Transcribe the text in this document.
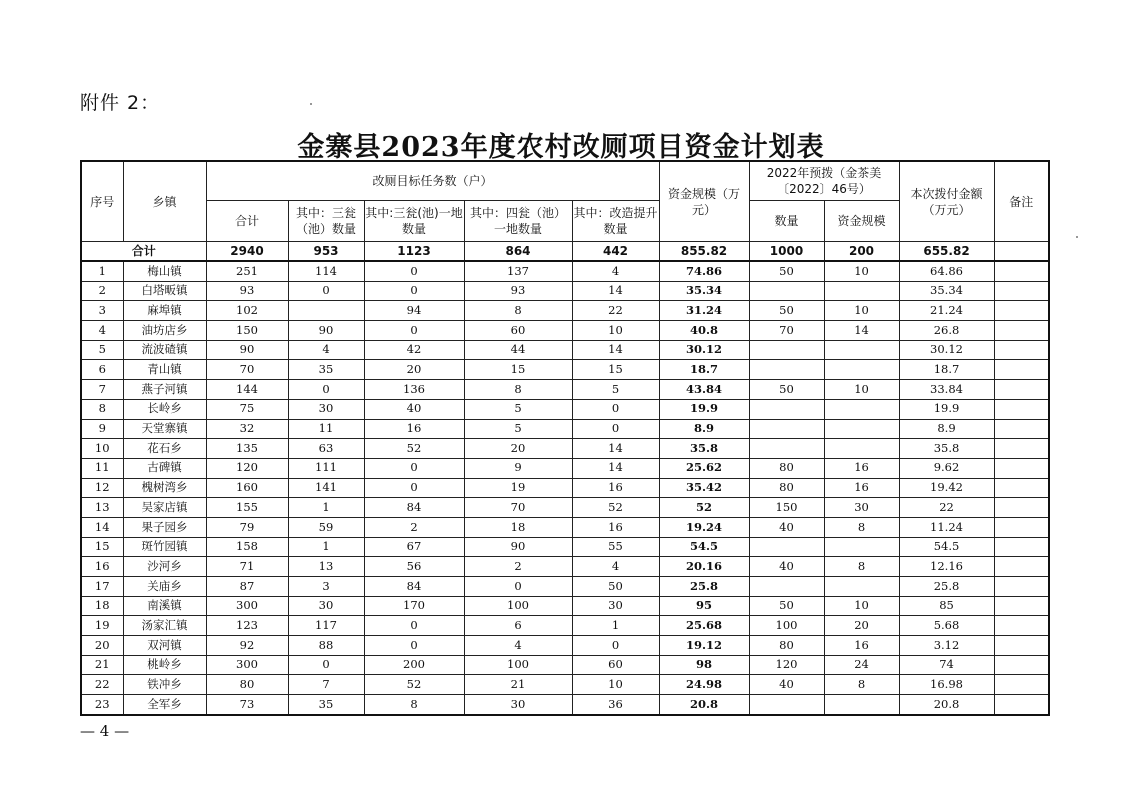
附件 2：
金寨县2023年度农村改厕项目资金计划表
序号	乡镇	改厕目标任务数（户）					资金规模（万元）	2022年预拨（金茶美〔2022〕46号）		本次拨付金额（万元）	备注
		合计	其中：三瓮（池）数量	其中:三瓮(池)一地数量	其中：四瓮（池）一地数量	其中：改造提升数量		数量	资金规模		
合计		2940	953	1123	864	442	855.82	1000	200	655.82	
1	梅山镇	251	114	0	137	4	74.86	50	10	64.86	
2	白塔畈镇	93	0	0	93	14	35.34			35.34	
3	麻埠镇	102		94	8	22	31.24	50	10	21.24	
4	油坊店乡	150	90	0	60	10	40.8	70	14	26.8	
5	流波碴镇	90	4	42	44	14	30.12			30.12	
6	青山镇	70	35	20	15	15	18.7			18.7	
7	燕子河镇	144	0	136	8	5	43.84	50	10	33.84	
8	长岭乡	75	30	40	5	0	19.9			19.9	
9	天堂寨镇	32	11	16	5	0	8.9			8.9	
10	花石乡	135	63	52	20	14	35.8			35.8	
11	古碑镇	120	111	0	9	14	25.62	80	16	9.62	
12	槐树湾乡	160	141	0	19	16	35.42	80	16	19.42	
13	吴家店镇	155	1	84	70	52	52	150	30	22	
14	果子园乡	79	59	2	18	16	19.24	40	8	11.24	
15	斑竹园镇	158	1	67	90	55	54.5			54.5	
16	沙河乡	71	13	56	2	4	20.16	40	8	12.16	
17	关庙乡	87	3	84	0	50	25.8			25.8	
18	南溪镇	300	30	170	100	30	95	50	10	85	
19	汤家汇镇	123	117	0	6	1	25.68	100	20	5.68	
20	双河镇	92	88	0	4	0	19.12	80	16	3.12	
21	桃岭乡	300	0	200	100	60	98	120	24	74	
22	铁冲乡	80	7	52	21	10	24.98	40	8	16.98	
23	全军乡	73	35	8	30	36	20.8			20.8	
— 4 —
